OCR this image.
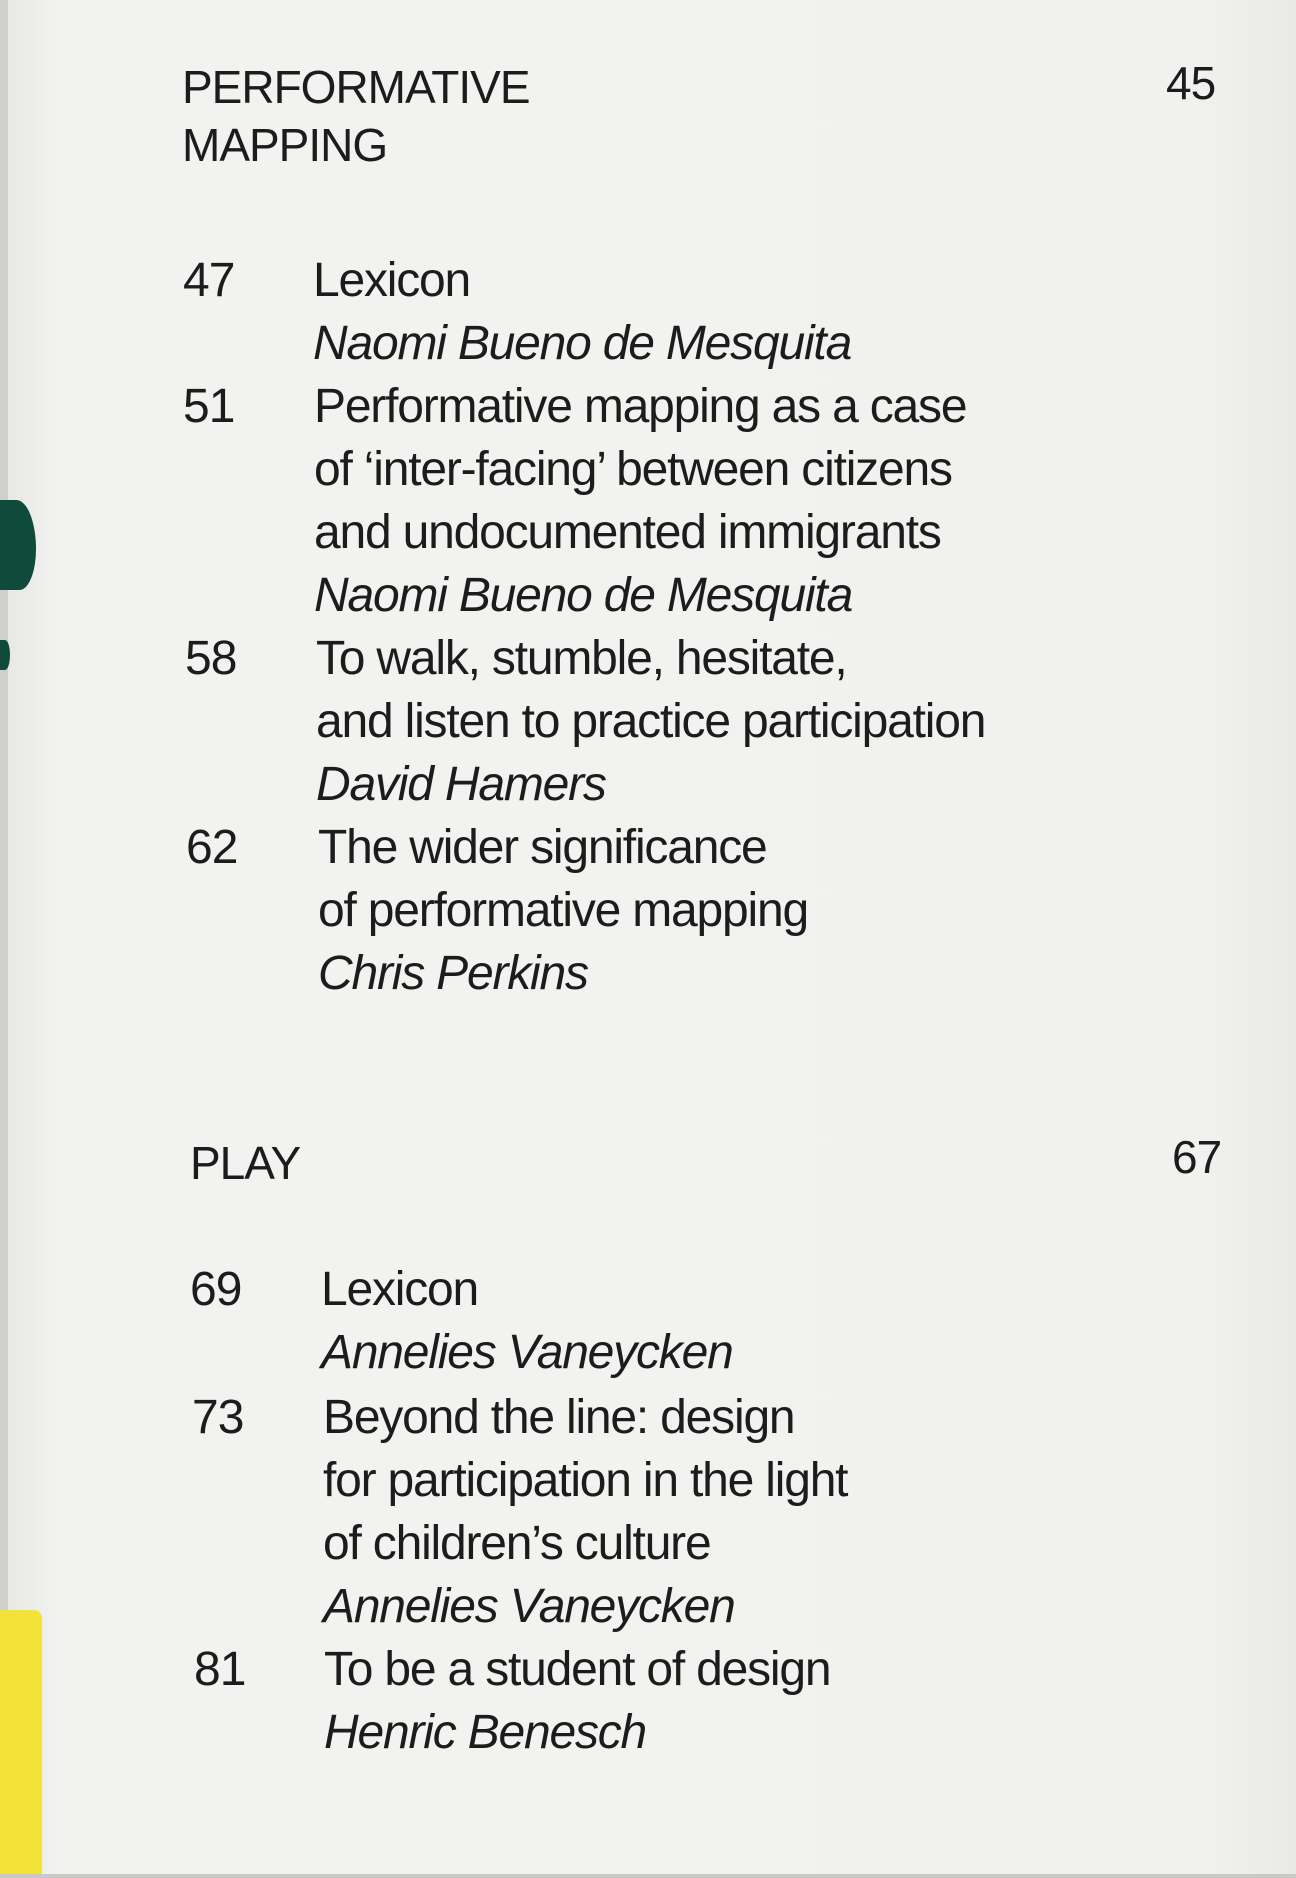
PERFORMATIVE
MAPPING
45
47 Lexicon
Naomi Bueno de Mesquita
51 Performative mapping as a case
of ‘inter-facing’ between citizens
and undocumented immigrants
Naomi Bueno de Mesquita
58 To walk, stumble, hesitate,
and listen to practice participation
David Hamers
62 The wider significance
of performative mapping
Chris Perkins
PLAY	67
69 Lexicon
Annelies Vaneycken
73 Beyond the line: design
for participation in the light
of children’s culture
Annelies Vaneycken
81 To be a student of design
Henric Benesch
